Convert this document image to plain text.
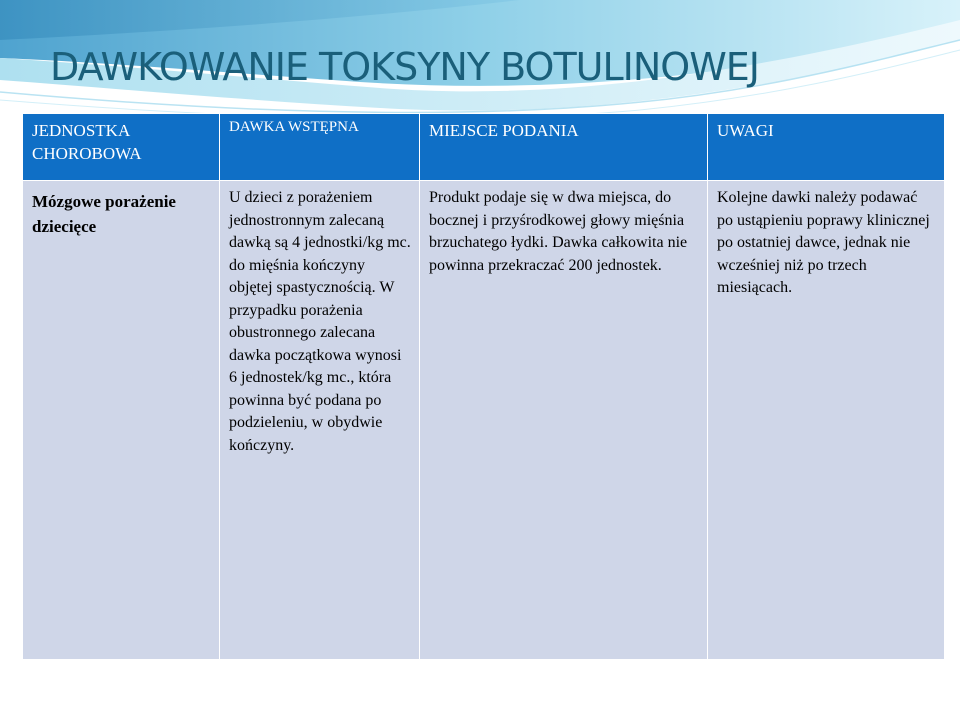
DAWKOWANIE TOKSYNY BOTULINOWEJ
JEDNOSTKA CHOROBOWA	DAWKA WSTĘPNA	MIEJSCE PODANIA	UWAGI
Mózgowe porażenie dziecięce	U dzieci z porażeniem jednostronnym zalecaną dawką są 4 jednostki/kg mc. do mięśnia kończyny objętej spastycznością. W przypadku porażenia obustronnego zalecana dawka początkowa wynosi 6 jednostek/kg mc., która powinna być podana po podzieleniu, w obydwie kończyny.	Produkt podaje się w dwa miejsca, do bocznej i przyśrodkowej głowy mięśnia brzuchatego łydki. Dawka całkowita nie powinna przekraczać 200 jednostek.	Kolejne dawki należy podawać po ustąpieniu poprawy klinicznej po ostatniej dawce, jednak nie wcześniej niż po trzech miesiącach.
